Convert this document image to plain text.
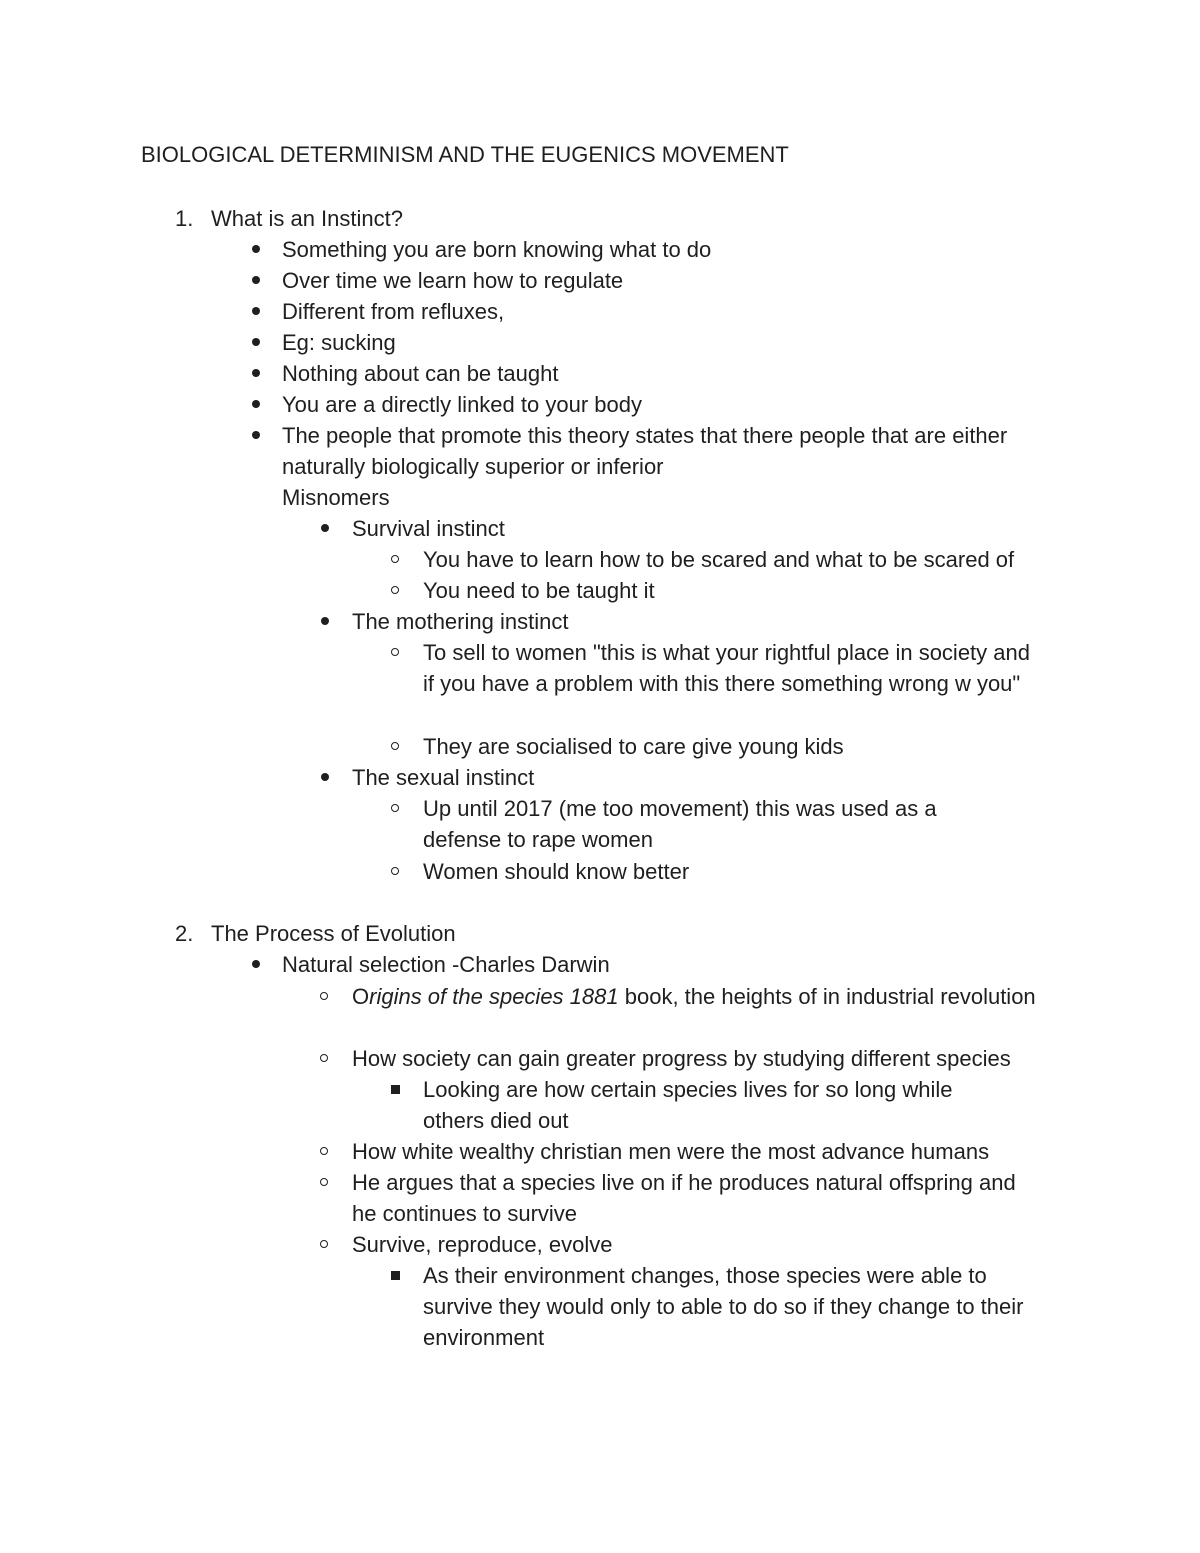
BIOLOGICAL DETERMINISM AND THE EUGENICS MOVEMENT
1. What is an Instinct?
Something you are born knowing what to do
Over time we learn how to regulate
Different from refluxes,
Eg: sucking
Nothing about can be taught
You are a directly linked to your body
The people that promote this theory states that there people that are either naturally biologically superior or inferior
Misnomers
Survival instinct
You have to learn how to be scared and what to be scared of
You need to be taught it
The mothering instinct
To sell to women "this is what your rightful place in society and if you have a problem with this there something wrong w you"
They are socialised to care give young kids
The sexual instinct
Up until 2017 (me too movement) this was used as a defense to rape women
Women should know better
2. The Process of Evolution
Natural selection -Charles Darwin
Origins of the species 1881 book, the heights of in industrial revolution
How society can gain greater progress by studying different species
Looking are how certain species lives for so long while others died out
How white wealthy christian men were the most advance humans
He argues that a species live on if he produces natural offspring and he continues to survive
Survive, reproduce, evolve
As their environment changes, those species were able to survive they would only to able to do so if they change to their environment
